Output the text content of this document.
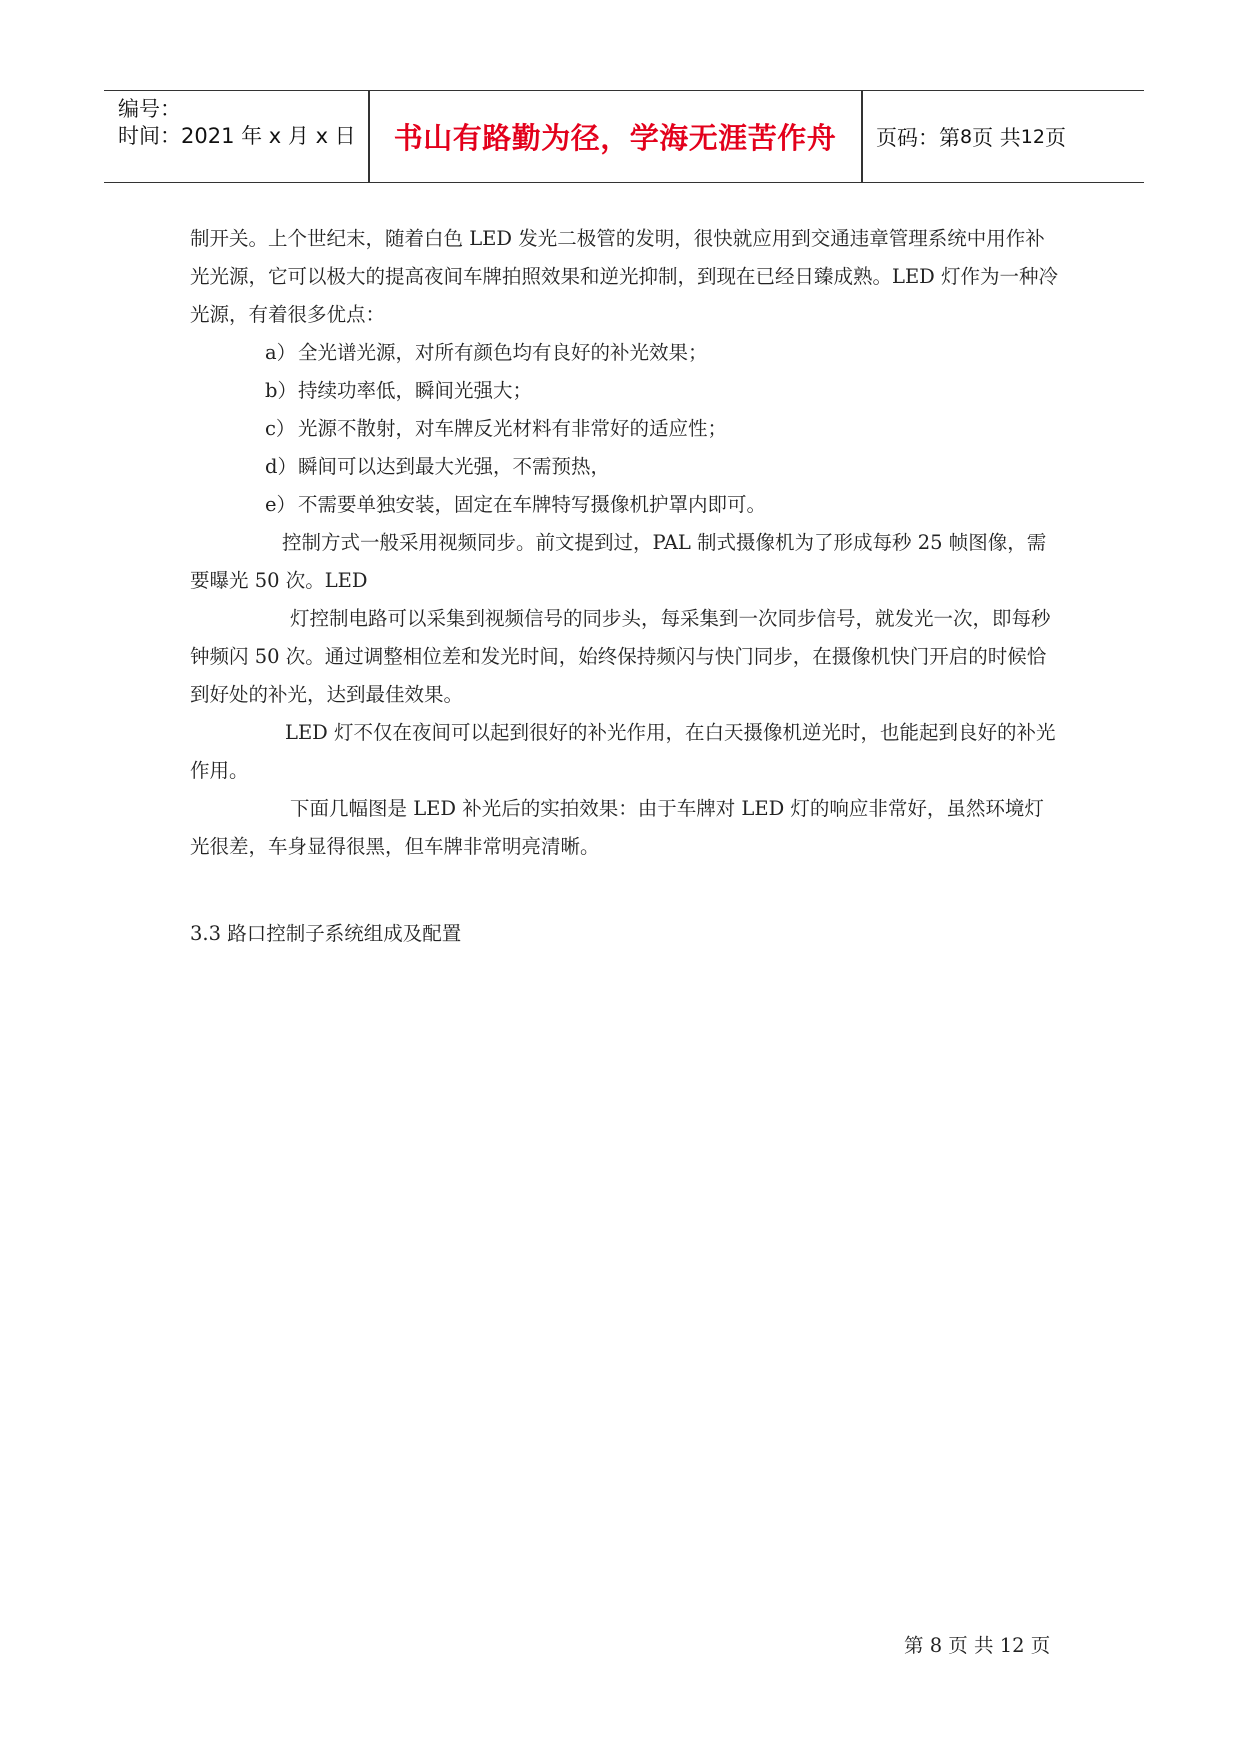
编号：
时间：2021 年 x 月 x 日	书山有路勤为径，学海无涯苦作舟	页码：第 8 页 共 12 页

制开关。上个世纪末，随着白色 LED 发光二极管的发明，很快就应用到交通违章管理系统中用作补光光源，它可以极大的提高夜间车牌拍照效果和逆光抑制，到现在已经日臻成熟。LED 灯作为一种冷光源，有着很多优点：

a）全光谱光源，对所有颜色均有良好的补光效果；
b）持续功率低，瞬间光强大；
c） 光源不散射，对车牌反光材料有非常好的适应性；
d）瞬间可以达到最大光强，不需预热，
e） 不需要单独安装，固定在车牌特写摄像机护罩内即可。

控制方式一般采用视频同步。前文提到过，PAL 制式摄像机为了形成每秒 25 帧图像，需要曝光 50 次。LED

灯控制电路可以采集到视频信号的同步头，每采集到一次同步信号，就发光一次，即每秒钟频闪 50 次。通过调整相位差和发光时间，始终保持频闪与快门同步，在摄像机快门开启的时候恰到好处的补光，达到最佳效果。

LED 灯不仅在夜间可以起到很好的补光作用，在白天摄像机逆光时，也能起到良好的补光作用。

下面几幅图是 LED 补光后的实拍效果：由于车牌对 LED 灯的响应非常好，虽然环境灯光很差，车身显得很黑，但车牌非常明亮清晰。

3.3 路口控制子系统组成及配置
第 8 页 共 12 页
